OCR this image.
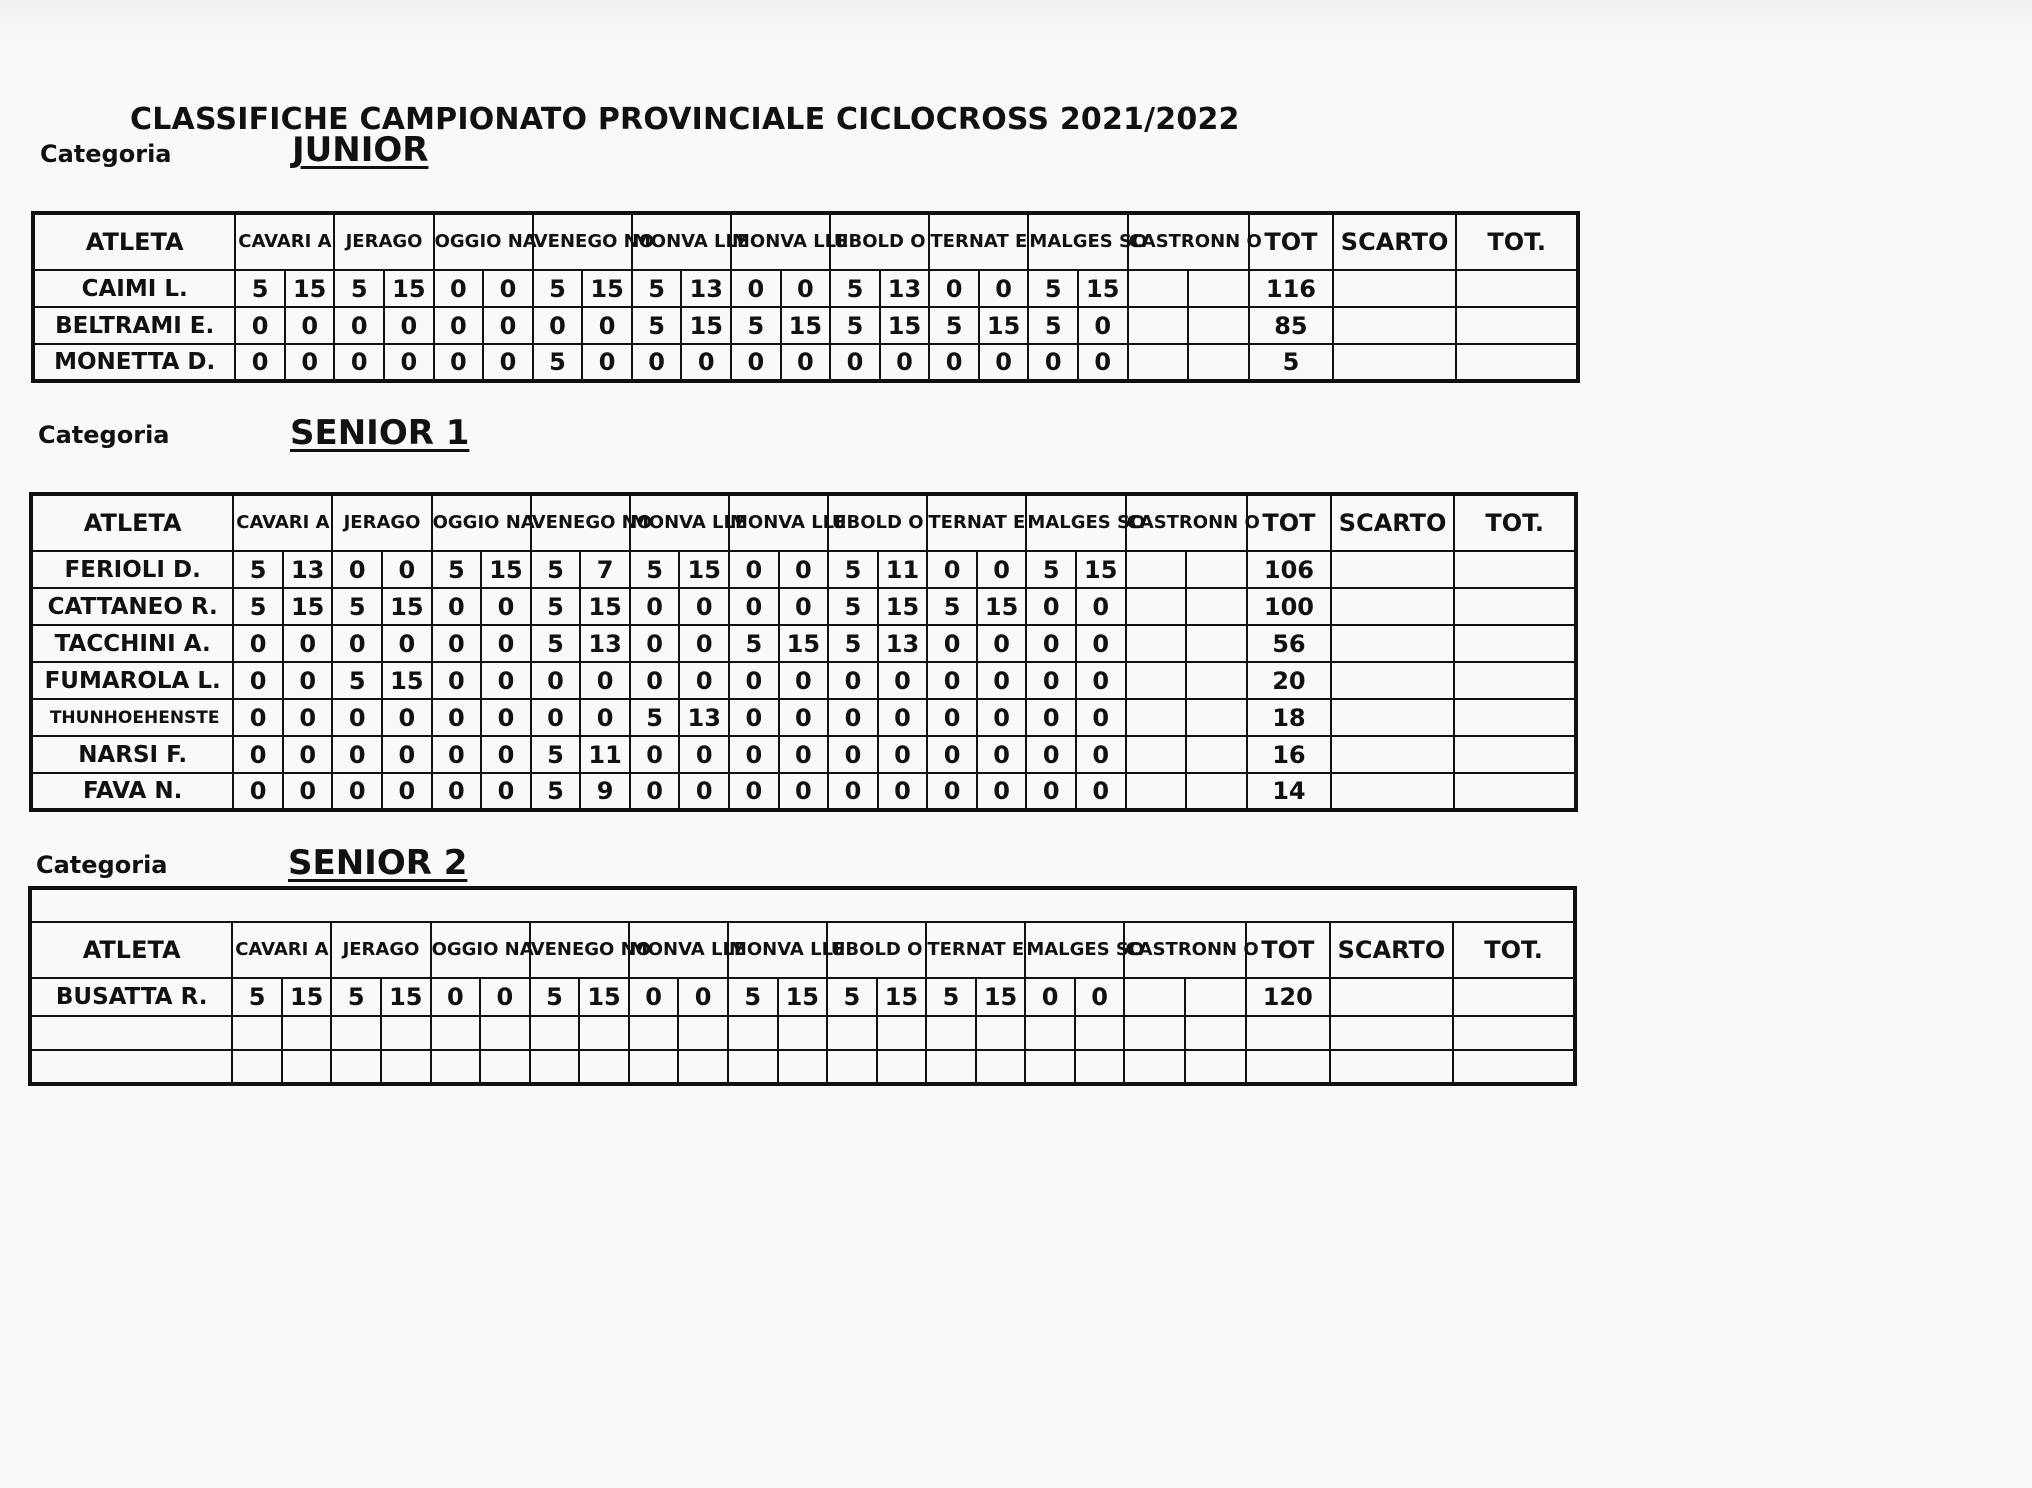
CLASSIFICHE CAMPIONATO PROVINCIALE CICLOCROSS 2021/2022
Categoria	JUNIOR
ATLETA	CAVARI A		JERAGO		OGGIO NA		VENEGO NO		MONVA LLE		MONVA LLE		UBOLD O		TERNAT E		MALGES SO		CASTRONN O		TOT	SCARTO	TOT.
CAIMI L.	5	15	5	15	0	0	5	15	5	13	0	0	5	13	0	0	5	15			116		
BELTRAMI E.	0	0	0	0	0	0	0	0	5	15	5	15	5	15	5	15	5	0			85		
MONETTA D.	0	0	0	0	0	0	5	0	0	0	0	0	0	0	0	0	0	0			5		
Categoria	SENIOR 1
ATLETA	CAVARI A		JERAGO		OGGIO NA		VENEGO NO		MONVA LLE		MONVA LLE		UBOLD O		TERNAT E		MALGES SO		CASTRONN O		TOT	SCARTO	TOT.
FERIOLI D.	5	13	0	0	5	15	5	7	5	15	0	0	5	11	0	0	5	15			106		
CATTANEO R.	5	15	5	15	0	0	5	15	0	0	0	0	5	15	5	15	0	0			100		
TACCHINI A.	0	0	0	0	0	0	5	13	0	0	5	15	5	13	0	0	0	0			56		
FUMAROLA L.	0	0	5	15	0	0	0	0	0	0	0	0	0	0	0	0	0	0			20		
THUNHOEHENSTE	0	0	0	0	0	0	0	0	5	13	0	0	0	0	0	0	0	0			18		
NARSI F.	0	0	0	0	0	0	5	11	0	0	0	0	0	0	0	0	0	0			16		
FAVA N.	0	0	0	0	0	0	5	9	0	0	0	0	0	0	0	0	0	0			14		
Categoria	SENIOR 2

ATLETA	CAVARI A		JERAGO		OGGIO NA		VENEGO NO		MONVA LLE		MONVA LLE		UBOLD O		TERNAT E		MALGES SO		CASTRONN O		TOT	SCARTO	TOT.
BUSATTA R.	5	15	5	15	0	0	5	15	0	0	5	15	5	15	5	15	0	0			120		
